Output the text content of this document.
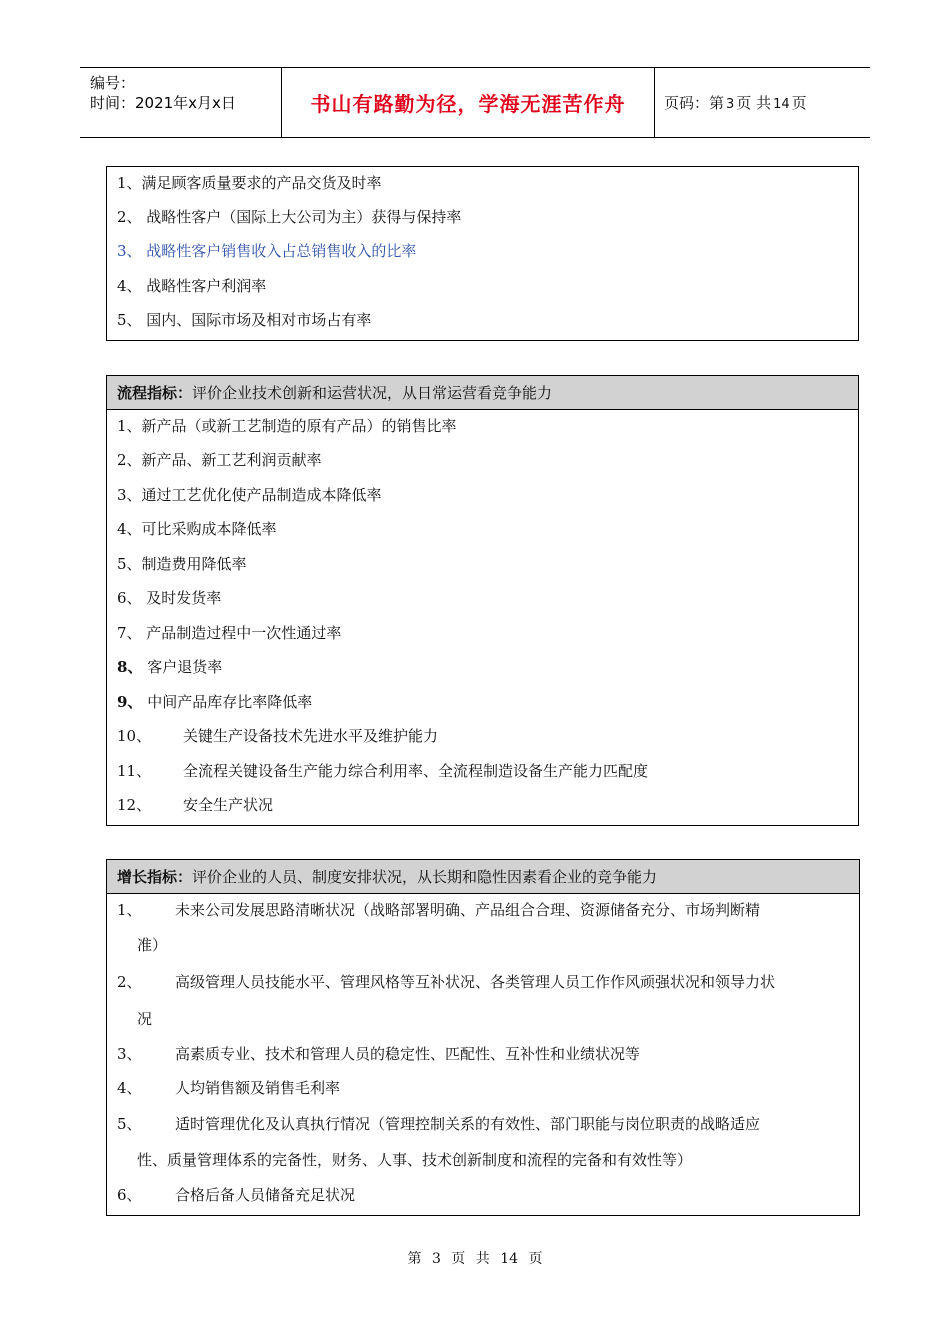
编号：
时间：2021年x月x日	书山有路勤为径，学海无涯苦作舟	页码：第 3 页 共 14 页
1、满足顾客质量要求的产品交货及时率
2、 战略性客户（国际上大公司为主）获得与保持率
3、 战略性客户销售收入占总销售收入的比率
4、 战略性客户利润率
5、 国内、国际市场及相对市场占有率
流程指标： 评价企业技术创新和运营状况，从日常运营看竞争能力
1、新产品（或新工艺制造的原有产品）的销售比率
2、新产品、新工艺利润贡献率
3、通过工艺优化使产品制造成本降低率
4、可比采购成本降低率
5、制造费用降低率
6、 及时发货率
7、 产品制造过程中一次性通过率
8、 客户退货率
9、 中间产品库存比率降低率
10、 关键生产设备技术先进水平及维护能力
11、 全流程关键设备生产能力综合利用率、全流程制造设备生产能力匹配度
12、 安全生产状况
增长指标： 评价企业的人员、制度安排状况，从长期和隐性因素看企业的竞争能力
1、 未来公司发展思路清晰状况（战略部署明确、产品组合合理、资源储备充分、市场判断精
准）
2、 高级管理人员技能水平、管理风格等互补状况、各类管理人员工作作风顽强状况和领导力状
况
3、 高素质专业、技术和管理人员的稳定性、匹配性、互补性和业绩状况等
4、 人均销售额及销售毛利率
5、 适时管理优化及认真执行情况（管理控制关系的有效性、部门职能与岗位职责的战略适应
性、质量管理体系的完备性，财务、人事、技术创新制度和流程的完备和有效性等）
6、 合格后备人员储备充足状况
第 3 页 共 14 页
